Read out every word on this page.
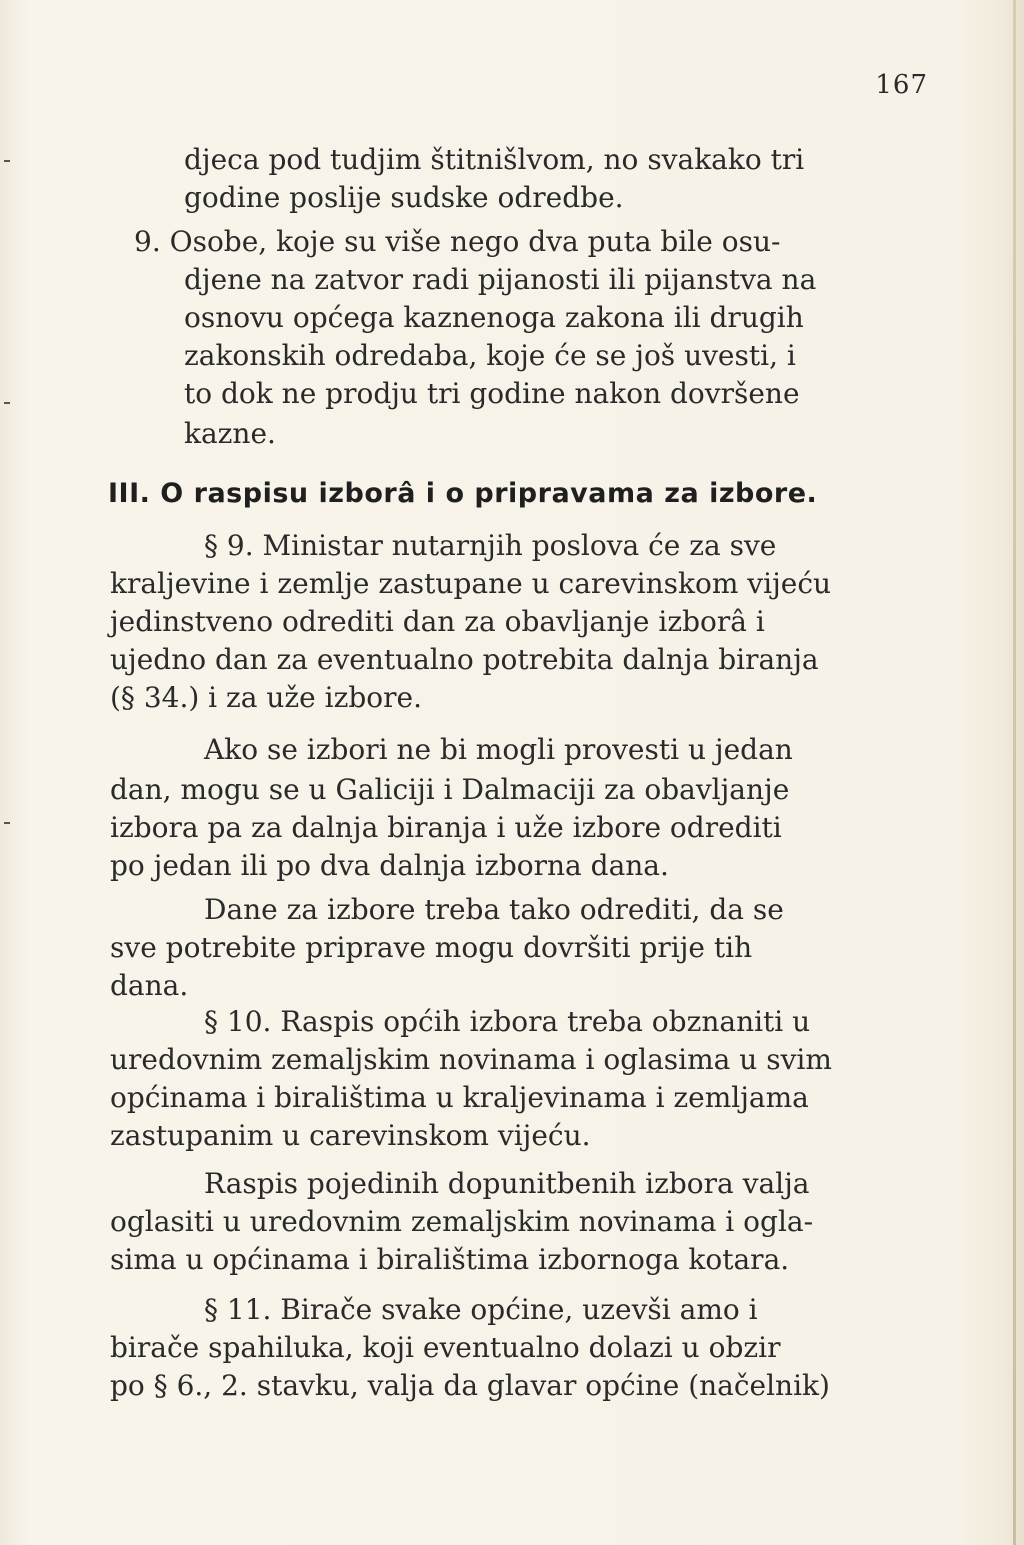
167
djeca pod tudjim štitnišlvom, no svakako tri
godine poslije sudske odredbe.
9. Osobe, koje su više nego dva puta bile osu-
djene na zatvor radi pijanosti ili pijanstva na
osnovu općega kaznenoga zakona ili drugih
zakonskih odredaba, koje će se još uvesti, i
to dok ne prodju tri godine nakon dovršene
kazne.
III. O raspisu izborâ i o pripravama za izbore.
§ 9. Ministar nutarnjih poslova će za sve
kraljevine i zemlje zastupane u carevinskom vijeću
jedinstveno odrediti dan za obavljanje izborâ i
ujedno dan za eventualno potrebita dalnja biranja
(§ 34.) i za uže izbore.
Ako se izbori ne bi mogli provesti u jedan
dan, mogu se u Galiciji i Dalmaciji za obavljanje
izbora pa za dalnja biranja i uže izbore odrediti
po jedan ili po dva dalnja izborna dana.
Dane za izbore treba tako odrediti, da se
sve potrebite priprave mogu dovršiti prije tih
dana.
§ 10. Raspis općih izbora treba obznaniti u
uredovnim zemaljskim novinama i oglasima u svim
općinama i biralištima u kraljevinama i zemljama
zastupanim u carevinskom vijeću.
Raspis pojedinih dopunitbenih izbora valja
oglasiti u uredovnim zemaljskim novinama i ogla-
sima u općinama i biralištima izbornoga kotara.
§ 11. Birače svake općine, uzevši amo i
birače spahiluka, koji eventualno dolazi u obzir
po § 6., 2. stavku, valja da glavar općine (načelnik)
